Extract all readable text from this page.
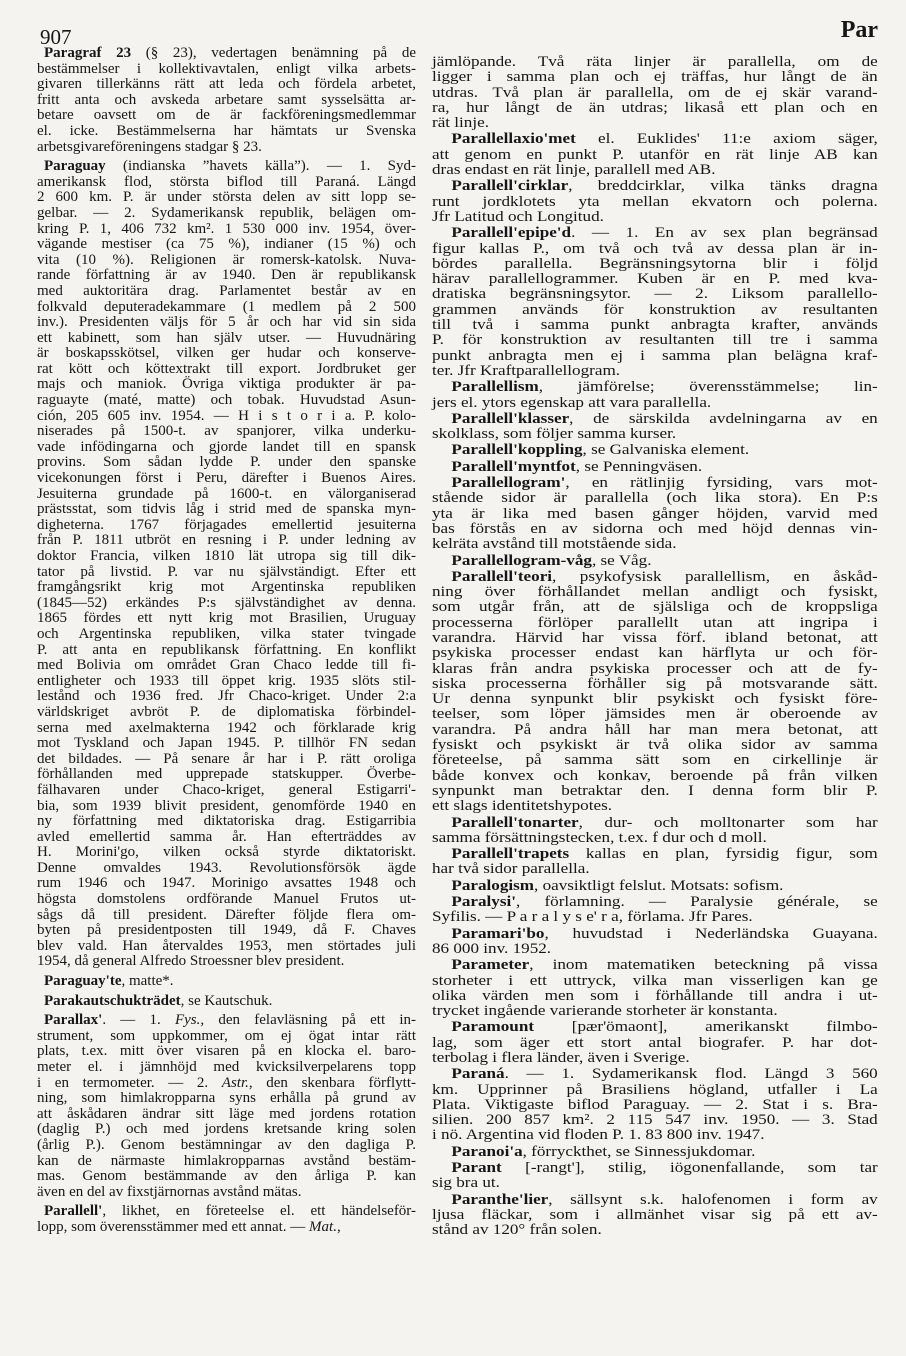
907	Par
Paragraf 23 (§ 23), vedertagen benämning på de
bestämmelser i kollektivavtalen, enligt vilka arbets-
givaren tillerkänns rätt att leda och fördela arbetet,
fritt anta och avskeda arbetare samt sysselsätta ar-
betare oavsett om de är fackföreningsmedlemmar
el. icke. Bestämmelserna har hämtats ur Svenska
arbetsgivareföreningens stadgar § 23.
Paraguay (indianska ”havets källa”). — 1. Syd-
amerikansk flod, största biflod till Paraná. Längd
2 600 km. P. är under största delen av sitt lopp se-
gelbar. — 2. Sydamerikansk republik, belägen om-
kring P. 1, 406 732 km². 1 530 000 inv. 1954, över-
vägande mestiser (ca 75 %), indianer (15 %) och
vita (10 %). Religionen är romersk-katolsk. Nuva-
rande författning är av 1940. Den är republikansk
med auktoritära drag. Parlamentet består av en
folkvald deputeradekammare (1 medlem på 2 500
inv.). Presidenten väljs för 5 år och har vid sin sida
ett kabinett, som han själv utser. — Huvudnäring
är boskapsskötsel, vilken ger hudar och konserve-
rat kött och köttextrakt till export. Jordbruket ger
majs och maniok. Övriga viktiga produkter är pa-
raguayte (maté, matte) och tobak. Huvudstad Asun-
ción, 205 605 inv. 1954. — H i s t o r i a. P. kolo-
niserades på 1500-t. av spanjorer, vilka underku-
vade infödingarna och gjorde landet till en spansk
provins. Som sådan lydde P. under den spanske
vicekonungen först i Peru, därefter i Buenos Aires.
Jesuiterna grundade på 1600-t. en välorganiserad
prästsstat, som tidvis låg i strid med de spanska myn-
digheterna. 1767 förjagades emellertid jesuiterna
från P. 1811 utbröt en resning i P. under ledning av
doktor Francia, vilken 1810 lät utropa sig till dik-
tator på livstid. P. var nu självständigt. Efter ett
framgångsrikt krig mot Argentinska republiken
(1845—52) erkändes P:s självständighet av denna.
1865 fördes ett nytt krig mot Brasilien, Uruguay
och Argentinska republiken, vilka stater tvingade
P. att anta en republikansk författning. En konflikt
med Bolivia om området Gran Chaco ledde till fi-
entligheter och 1933 till öppet krig. 1935 slöts stil-
lestånd och 1936 fred. Jfr Chaco-kriget. Under 2:a
världskriget avbröt P. de diplomatiska förbindel-
serna med axelmakterna 1942 och förklarade krig
mot Tyskland och Japan 1945. P. tillhör FN sedan
det bildades. — På senare år har i P. rätt oroliga
förhållanden med upprepade statskupper. Överbe-
fälhavaren under Chaco-kriget, general Estigarri'-
bia, som 1939 blivit president, genomförde 1940 en
ny författning med diktatoriska drag. Estigarribia
avled emellertid samma år. Han efterträddes av
H. Morini'go, vilken också styrde diktatoriskt.
Denne omvaldes 1943. Revolutionsförsök ägde
rum 1946 och 1947. Morinigo avsattes 1948 och
högsta domstolens ordförande Manuel Frutos ut-
sågs då till president. Därefter följde flera om-
byten på presidentposten till 1949, då F. Chaves
blev vald. Han återvaldes 1953, men störtades juli
1954, då general Alfredo Stroessner blev president.
Paraguay'te, matte*.
Parakautschukträdet, se Kautschuk.
Parallax'. — 1. Fys., den felavläsning på ett in-
strument, som uppkommer, om ej ögat intar rätt
plats, t.ex. mitt över visaren på en klocka el. baro-
meter el. i jämnhöjd med kvicksilverpelarens topp
i en termometer. — 2. Astr., den skenbara förflytt-
ning, som himlakropparna syns erhålla på grund av
att åskådaren ändrar sitt läge med jordens rotation
(daglig P.) och med jordens kretsande kring solen
(årlig P.). Genom bestämningar av den dagliga P.
kan de närmaste himlakropparnas avstånd bestäm-
mas. Genom bestämmande av den årliga P. kan
även en del av fixstjärnornas avstånd mätas.
Parallell', likhet, en företeelse el. ett händelseför-
lopp, som överensstämmer med ett annat. — Mat.,
jämlöpande. Två räta linjer är parallella, om de
ligger i samma plan och ej träffas, hur långt de än
utdras. Två plan är parallella, om de ej skär varand-
ra, hur långt de än utdras; likaså ett plan och en
rät linje.
Parallellaxio'met el. Euklides' 11:e axiom säger,
att genom en punkt P. utanför en rät linje AB kan
dras endast en rät linje, parallell med AB.
Parallell'cirklar, breddcirklar, vilka tänks dragna
runt jordklotets yta mellan ekvatorn och polerna.
Jfr Latitud och Longitud.
Parallell'epipe'd. — 1. En av sex plan begränsad
figur kallas P., om två och två av dessa plan är in-
bördes parallella. Begränsningsytorna blir i följd
härav parallellogrammer. Kuben är en P. med kva-
dratiska begränsningsytor. — 2. Liksom parallello-
grammen används för konstruktion av resultanten
till två i samma punkt anbragta krafter, används
P. för konstruktion av resultanten till tre i samma
punkt anbragta men ej i samma plan belägna kraf-
ter. Jfr Kraftparallellogram.
Parallellism, jämförelse; överensstämmelse; lin-
jers el. ytors egenskap att vara parallella.
Parallell'klasser, de särskilda avdelningarna av en
skolklass, som följer samma kurser.
Parallell'koppling, se Galvaniska element.
Parallell'myntfot, se Penningväsen.
Parallellogram', en rätlinjig fyrsiding, vars mot-
stående sidor är parallella (och lika stora). En P:s
yta är lika med basen gånger höjden, varvid med
bas förstås en av sidorna och med höjd dennas vin-
kelräta avstånd till motstående sida.
Parallellogram-våg, se Våg.
Parallell'teori, psykofysisk parallellism, en åskåd-
ning över förhållandet mellan andligt och fysiskt,
som utgår från, att de själsliga och de kroppsliga
processerna förlöper parallellt utan att ingripa i
varandra. Härvid har vissa förf. ibland betonat, att
psykiska processer endast kan härflyta ur och för-
klaras från andra psykiska processer och att de fy-
siska processerna förhåller sig på motsvarande sätt.
Ur denna synpunkt blir psykiskt och fysiskt före-
teelser, som löper jämsides men är oberoende av
varandra. På andra håll har man mera betonat, att
fysiskt och psykiskt är två olika sidor av samma
företeelse, på samma sätt som en cirkellinje är
både konvex och konkav, beroende på från vilken
synpunkt man betraktar den. I denna form blir P.
ett slags identitetshypotes.
Parallell'tonarter, dur- och molltonarter som har
samma försättningstecken, t.ex. f dur och d moll.
Parallell'trapets kallas en plan, fyrsidig figur, som
har två sidor parallella.
Paralogism, oavsiktligt felslut. Motsats: sofism.
Paralysi', förlamning. — Paralysie générale, se
Syfilis. — P a r a l y s e' r a, förlama. Jfr Pares.
Paramari'bo, huvudstad i Nederländska Guayana.
86 000 inv. 1952.
Parameter, inom matematiken beteckning på vissa
storheter i ett uttryck, vilka man visserligen kan ge
olika värden men som i förhållande till andra i ut-
trycket ingående varierande storheter är konstanta.
Paramount [pær'ömaont], amerikanskt filmbo-
lag, som äger ett stort antal biografer. P. har dot-
terbolag i flera länder, även i Sverige.
Paraná. — 1. Sydamerikansk flod. Längd 3 560
km. Upprinner på Brasiliens högland, utfaller i La
Plata. Viktigaste biflod Paraguay. — 2. Stat i s. Bra-
silien. 200 857 km². 2 115 547 inv. 1950. — 3. Stad
i nö. Argentina vid floden P. 1. 83 800 inv. 1947.
Paranoi'a, förryckthet, se Sinnessjukdomar.
Parant [-rangt'], stilig, iögonenfallande, som tar
sig bra ut.
Paranthe'lier, sällsynt s.k. halofenomen i form av
ljusa fläckar, som i allmänhet visar sig på ett av-
stånd av 120° från solen.
